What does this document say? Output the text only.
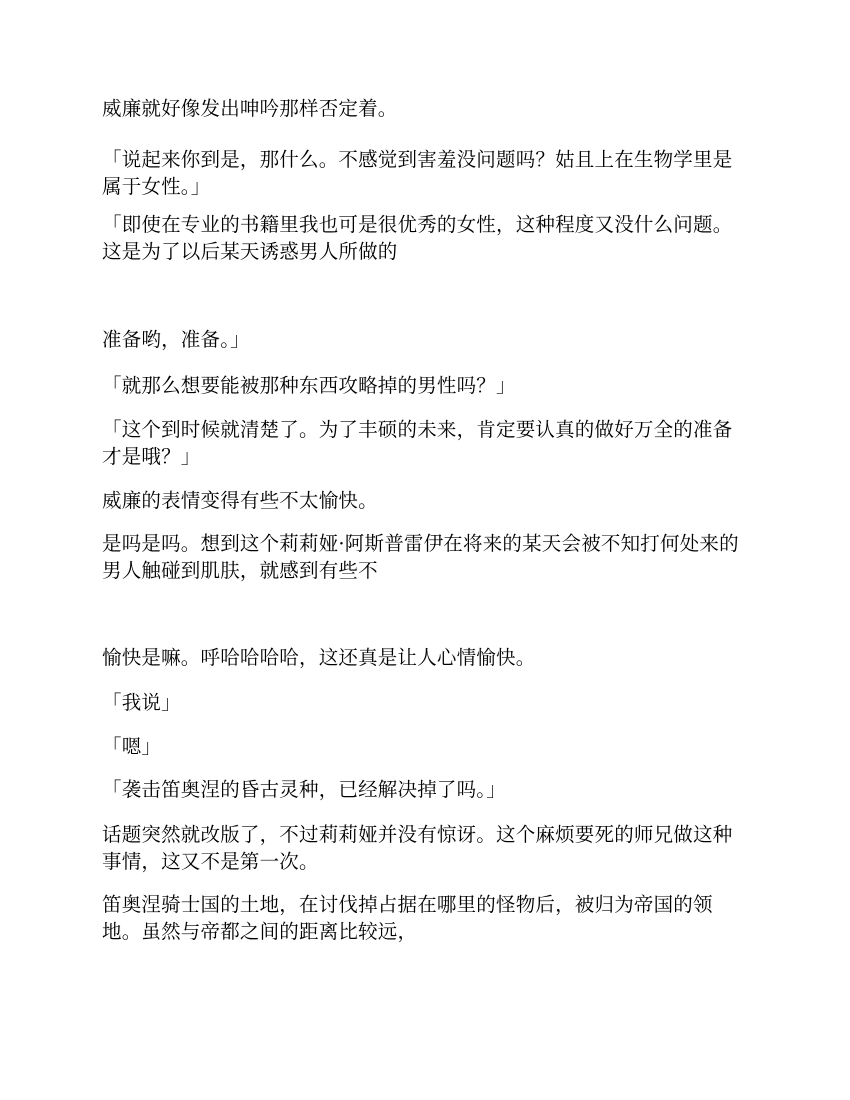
威廉就好像发出呻吟那样否定着。

「说起来你到是，那什么。不感觉到害羞没问题吗？姑且上在生物学里是属于女性。」

「即使在专业的书籍里我也可是很优秀的女性，这种程度又没什么问题。这是为了以后某天诱惑男人所做的

准备哟，准备。」

「就那么想要能被那种东西攻略掉的男性吗？」

「这个到时候就清楚了。为了丰硕的未来，肯定要认真的做好万全的准备才是哦？」

威廉的表情变得有些不太愉快。

是吗是吗。想到这个莉莉娅·阿斯普雷伊在将来的某天会被不知打何处来的男人触碰到肌肤，就感到有些不

愉快是嘛。呼哈哈哈哈，这还真是让人心情愉快。

「我说」

「嗯」

「袭击笛奥涅的昏古灵种，已经解决掉了吗。」

话题突然就改版了，不过莉莉娅并没有惊讶。这个麻烦要死的师兄做这种事情，这又不是第一次。

笛奥涅骑士国的土地，在讨伐掉占据在哪里的怪物后，被归为帝国的领地。虽然与帝都之间的距离比较远，
